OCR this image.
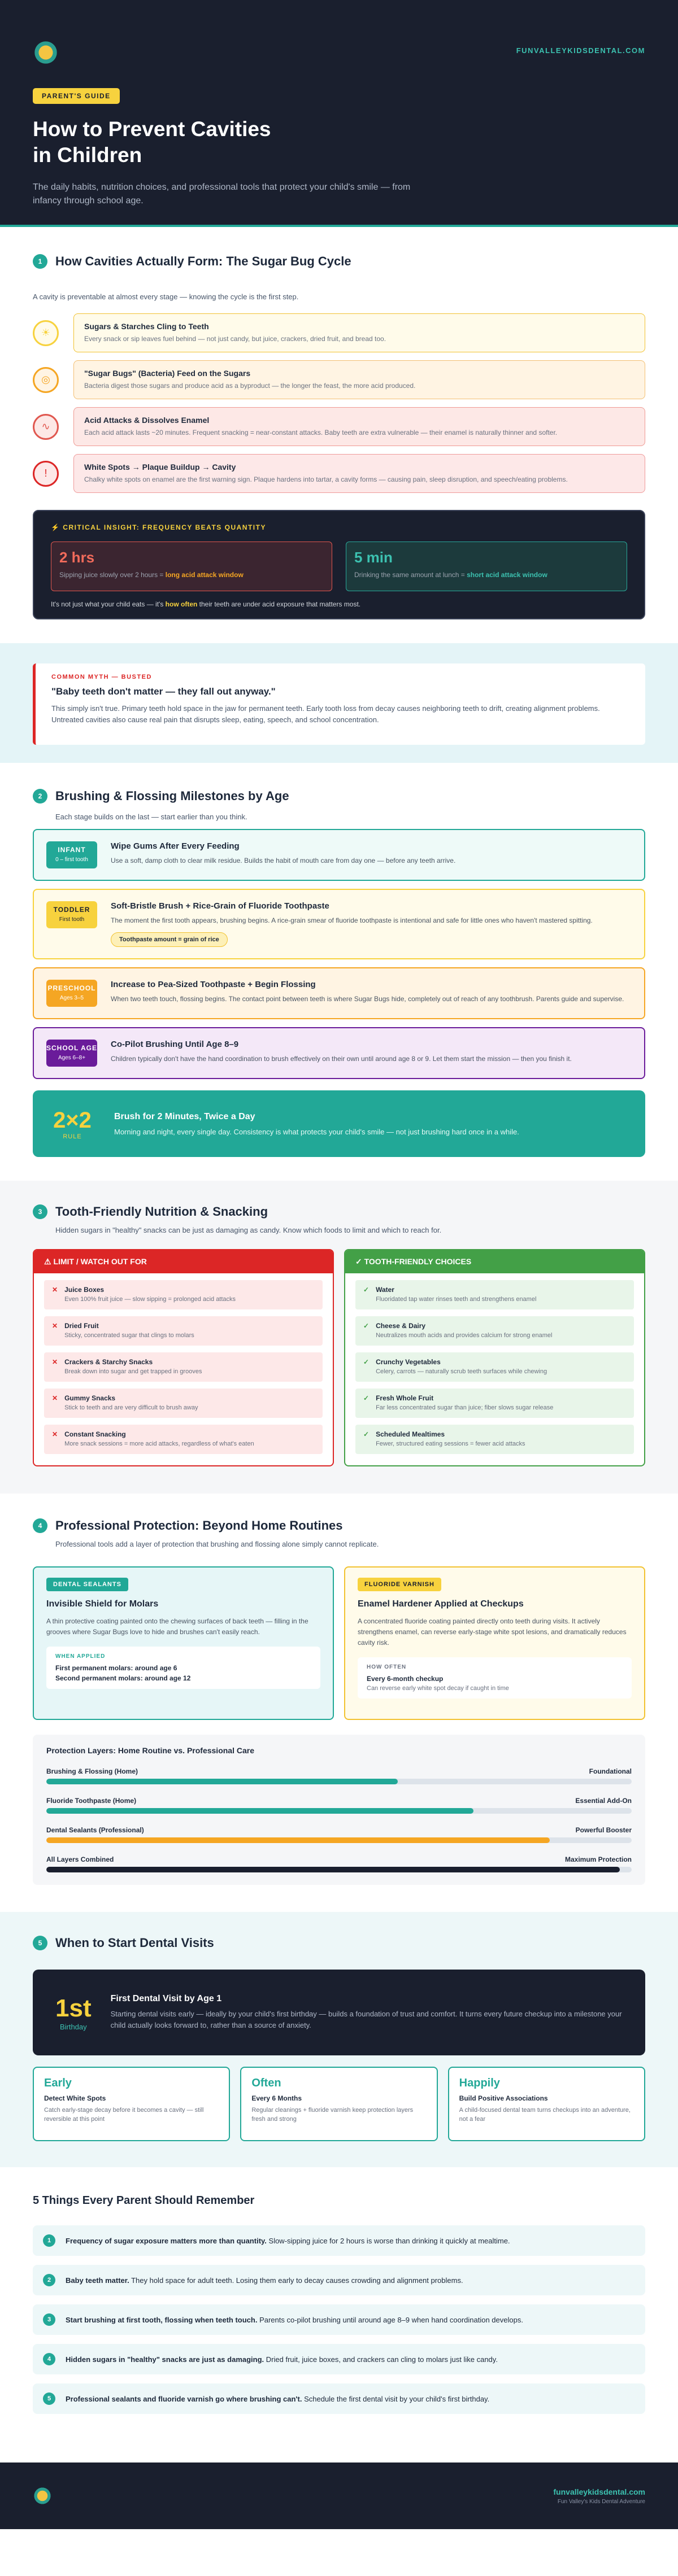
FUNVALLEYKIDSDENTAL.COM
PARENT'S GUIDE
How to Prevent Cavities in Children

The daily habits, nutrition choices, and professional tools that protect your child's smile — from infancy through school age.

1	How Cavities Actually Form: The Sugar Bug Cycle

A cavity is preventable at almost every stage — knowing the cycle is the first step.

☀
Sugars & Starches Cling to Teeth
Every snack or sip leaves fuel behind — not just candy, but juice, crackers, dried fruit, and bread too.
◎
"Sugar Bugs" (Bacteria) Feed on the Sugars
Bacteria digest those sugars and produce acid as a byproduct — the longer the feast, the more acid produced.
∿
Acid Attacks & Dissolves Enamel
Each acid attack lasts ~20 minutes. Frequent snacking = near-constant attacks. Baby teeth are extra vulnerable — their enamel is naturally thinner and softer.
!
White Spots → Plaque Buildup → Cavity
Chalky white spots on enamel are the first warning sign. Plaque hardens into tartar, a cavity forms — causing pain, sleep disruption, and speech/eating problems.
⚡ CRITICAL INSIGHT: FREQUENCY BEATS QUANTITY
2 hrs
Sipping juice slowly over 2 hours = long acid attack window
5 min
Drinking the same amount at lunch = short acid attack window

It's not just what your child eats — it's how often their teeth are under acid exposure that matters most.

COMMON MYTH — BUSTED
"Baby teeth don't matter — they fall out anyway."

This simply isn't true. Primary teeth hold space in the jaw for permanent teeth. Early tooth loss from decay causes neighboring teeth to drift, creating alignment problems. Untreated cavities also cause real pain that disrupts sleep, eating, speech, and school concentration.

2	Brushing & Flossing Milestones by Age

Each stage builds on the last — start earlier than you think.

INFANT
0 – first tooth
Wipe Gums After Every Feeding

Use a soft, damp cloth to clear milk residue. Builds the habit of mouth care from day one — before any teeth arrive.

TODDLER
First tooth
Soft-Bristle Brush + Rice-Grain of Fluoride Toothpaste

The moment the first tooth appears, brushing begins. A rice-grain smear of fluoride toothpaste is intentional and safe for little ones who haven't mastered spitting.

Toothpaste amount = grain of rice
PRESCHOOL
Ages 3–5
Increase to Pea-Sized Toothpaste + Begin Flossing

When two teeth touch, flossing begins. The contact point between teeth is where Sugar Bugs hide, completely out of reach of any toothbrush. Parents guide and supervise.

SCHOOL AGE
Ages 6–8+
Co-Pilot Brushing Until Age 8–9

Children typically don't have the hand coordination to brush effectively on their own until around age 8 or 9. Let them start the mission — then you finish it.

2×2
RULE
Brush for 2 Minutes, Twice a Day
Morning and night, every single day. Consistency is what protects your child's smile — not just brushing hard once in a while.
3	Tooth-Friendly Nutrition & Snacking

Hidden sugars in "healthy" snacks can be just as damaging as candy. Know which foods to limit and which to reach for.

⚠ LIMIT / WATCH OUT FOR
✕ Juice Boxes
Even 100% fruit juice — slow sipping = prolonged acid attacks
✕ Dried Fruit
Sticky, concentrated sugar that clings to molars
✕ Crackers & Starchy Snacks
Break down into sugar and get trapped in grooves
✕ Gummy Snacks
Stick to teeth and are very difficult to brush away
✕ Constant Snacking
More snack sessions = more acid attacks, regardless of what's eaten
✓ TOOTH-FRIENDLY CHOICES
✓ Water
Fluoridated tap water rinses teeth and strengthens enamel
✓ Cheese & Dairy
Neutralizes mouth acids and provides calcium for strong enamel
✓ Crunchy Vegetables
Celery, carrots — naturally scrub teeth surfaces while chewing
✓ Fresh Whole Fruit
Far less concentrated sugar than juice; fiber slows sugar release
✓ Scheduled Mealtimes
Fewer, structured eating sessions = fewer acid attacks
4	Professional Protection: Beyond Home Routines

Professional tools add a layer of protection that brushing and flossing alone simply cannot replicate.

DENTAL SEALANTS
Invisible Shield for Molars

A thin protective coating painted onto the chewing surfaces of back teeth — filling in the grooves where Sugar Bugs love to hide and brushes can't easily reach.

WHEN APPLIED
First permanent molars: around age 6
Second permanent molars: around age 12
FLUORIDE VARNISH
Enamel Hardener Applied at Checkups

A concentrated fluoride coating painted directly onto teeth during visits. It actively strengthens enamel, can reverse early-stage white spot lesions, and dramatically reduces cavity risk.

HOW OFTEN
Every 6-month checkup
Can reverse early white spot decay if caught in time
Protection Layers: Home Routine vs. Professional Care
Brushing & Flossing (Home)	Foundational
Fluoride Toothpaste (Home)	Essential Add-On
Dental Sealants (Professional)	Powerful Booster
All Layers Combined	Maximum Protection
5	When to Start Dental Visits
1st
Birthday
First Dental Visit by Age 1
Starting dental visits early — ideally by your child's first birthday — builds a foundation of trust and comfort. It turns every future checkup into a milestone your child actually looks forward to, rather than a source of anxiety.
Early
Detect White Spots
Catch early-stage decay before it becomes a cavity — still reversible at this point
Often
Every 6 Months
Regular cleanings + fluoride varnish keep protection layers fresh and strong
Happily
Build Positive Associations
A child-focused dental team turns checkups into an adventure, not a fear
5 Things Every Parent Should Remember
1	Frequency of sugar exposure matters more than quantity. Slow-sipping juice for 2 hours is worse than drinking it quickly at mealtime.

2	Baby teeth matter. They hold space for adult teeth. Losing them early to decay causes crowding and alignment problems.

3	Start brushing at first tooth, flossing when teeth touch. Parents co-pilot brushing until around age 8–9 when hand coordination develops.

4	Hidden sugars in "healthy" snacks are just as damaging. Dried fruit, juice boxes, and crackers can cling to molars just like candy.

5	Professional sealants and fluoride varnish go where brushing can't. Schedule the first dental visit by your child's first birthday.

funvalleykidsdental.com
Fun Valley's Kids Dental Adventure
